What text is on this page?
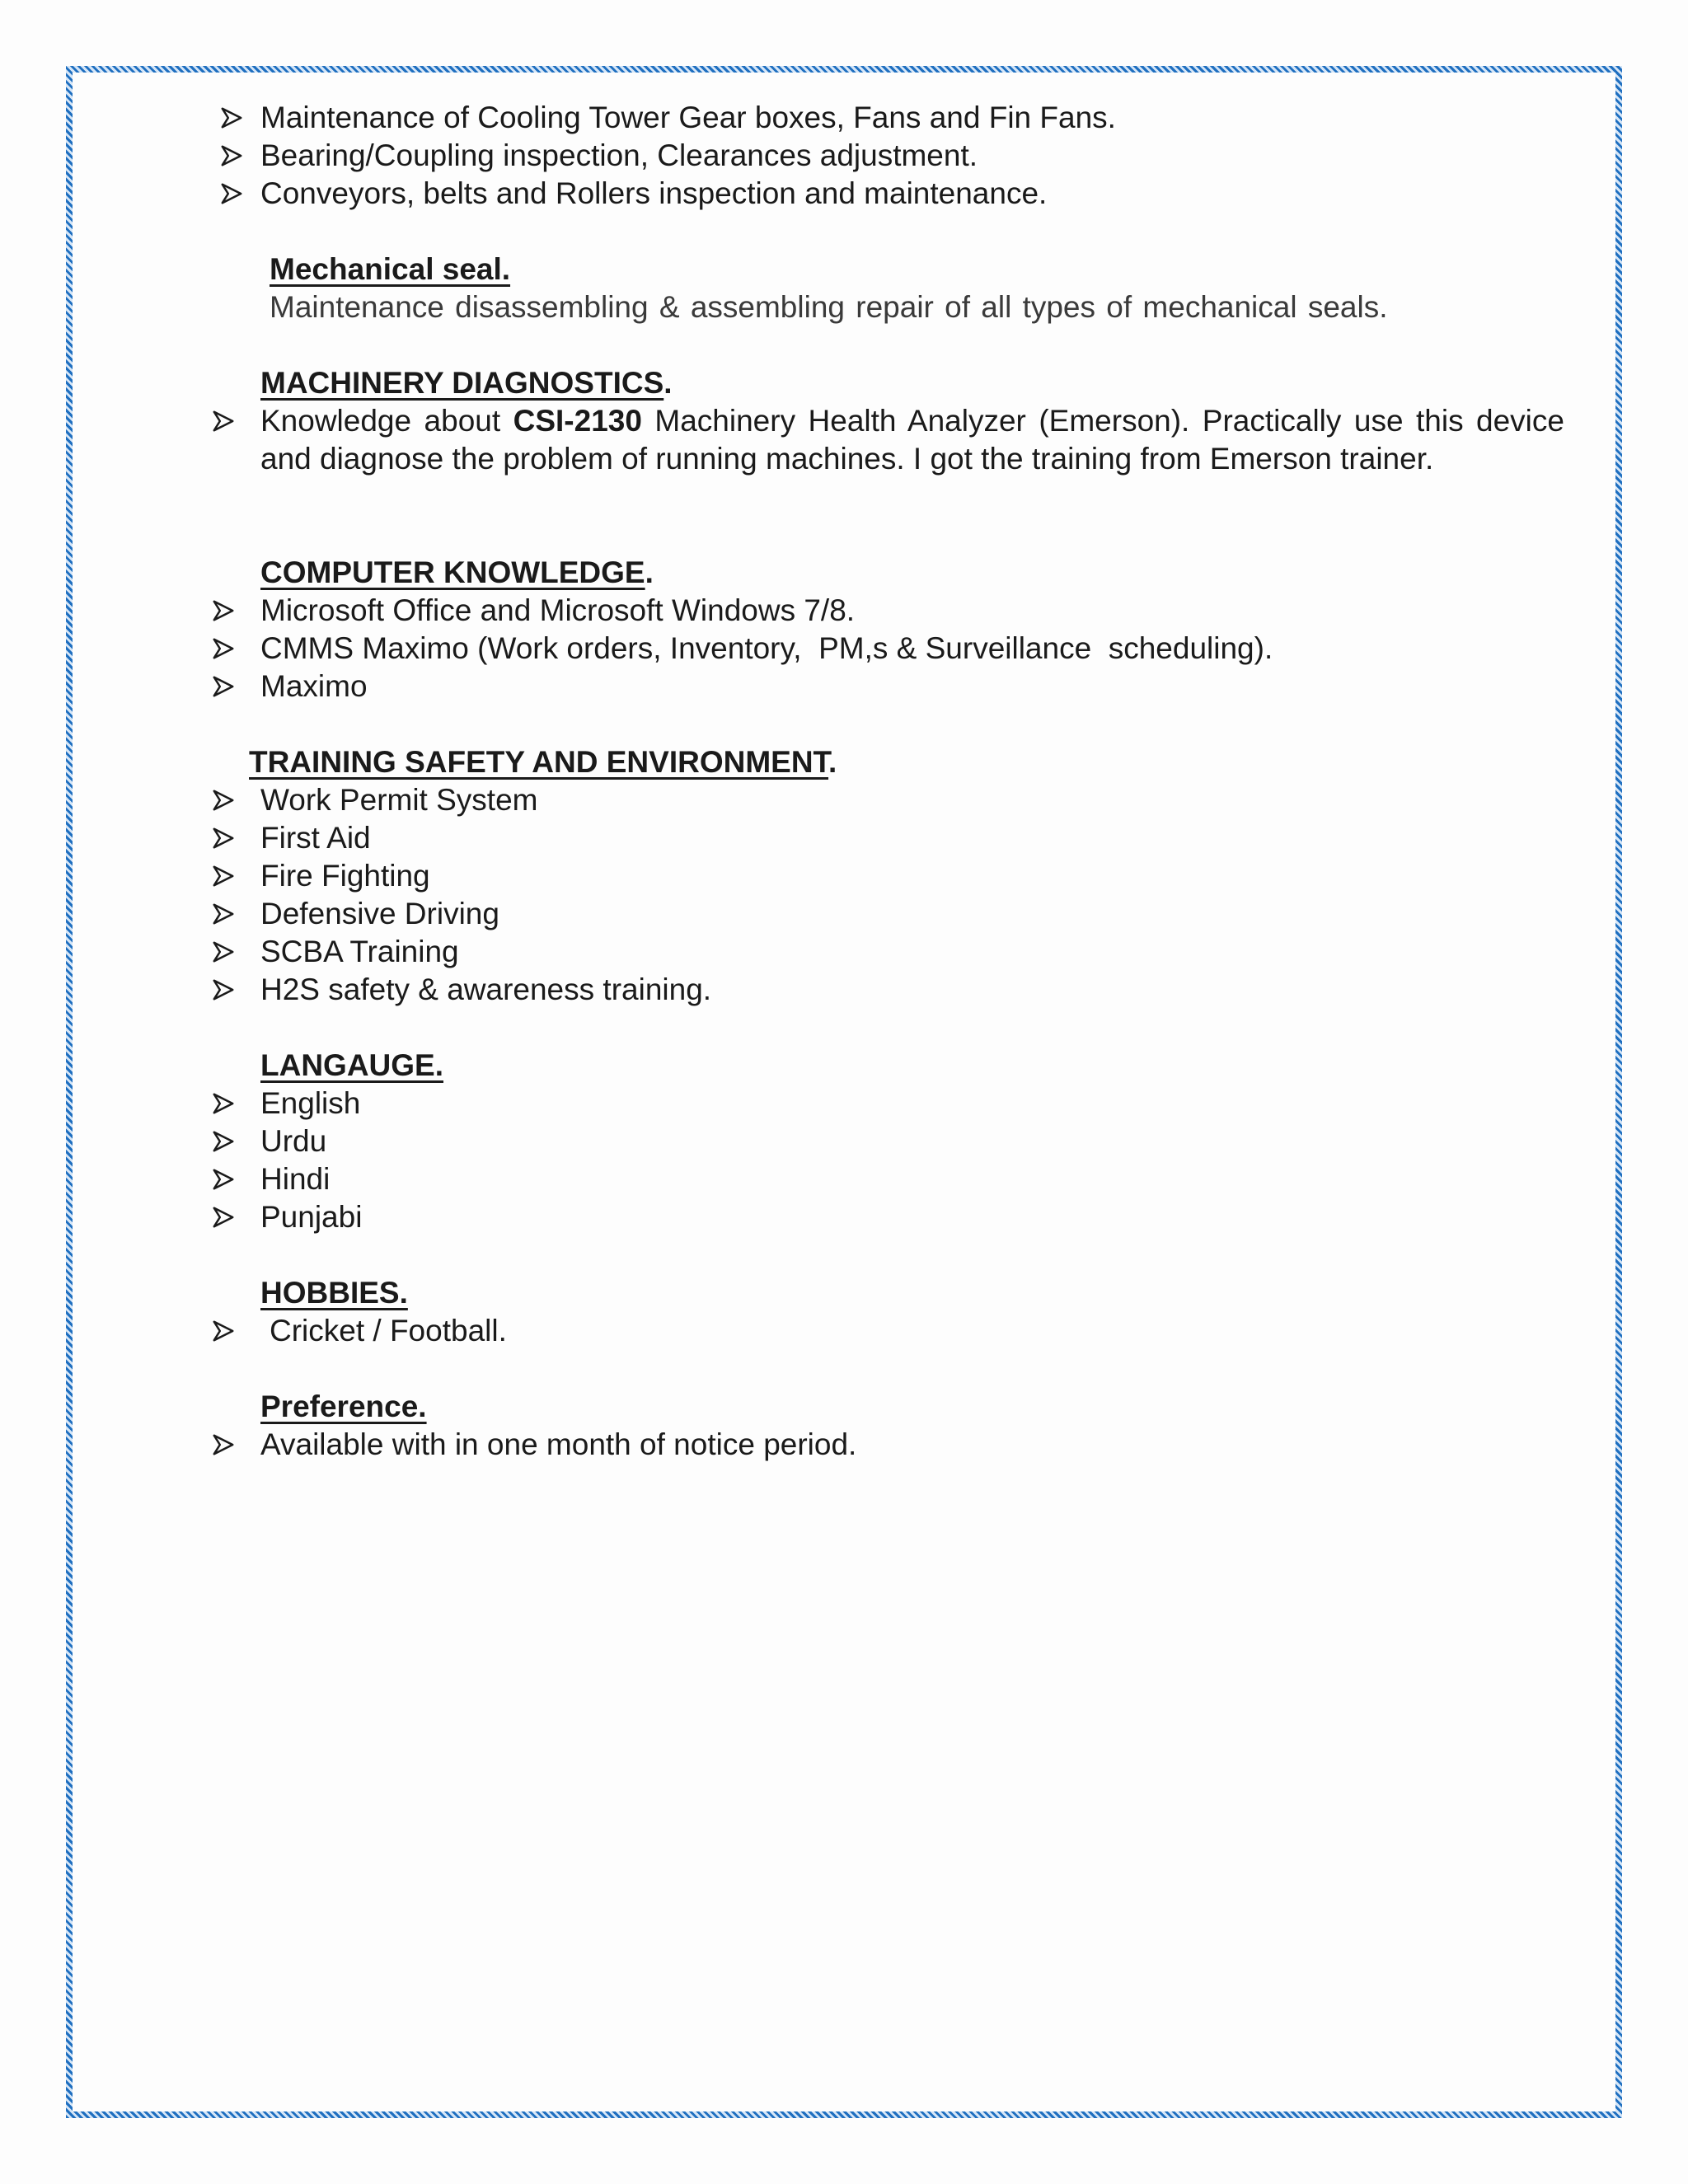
Maintenance of Cooling Tower Gear boxes, Fans and Fin Fans.
Bearing/Coupling inspection, Clearances adjustment.
Conveyors, belts and Rollers inspection and maintenance.
Mechanical seal.
Maintenance disassembling & assembling repair of all types of mechanical seals.
MACHINERY DIAGNOSTICS.
Knowledge about CSI-2130 Machinery Health Analyzer (Emerson). Practically use this device and diagnose the problem of running machines. I got the training from Emerson trainer.
COMPUTER KNOWLEDGE.
Microsoft Office and Microsoft Windows 7/8.
CMMS Maximo (Work orders, Inventory,  PM,s & Surveillance  scheduling).
Maximo
TRAINING SAFETY AND ENVIRONMENT.
Work Permit System
First Aid
Fire Fighting
Defensive Driving
SCBA Training
H2S safety & awareness training.
LANGAUGE.
English
Urdu
Hindi
Punjabi
HOBBIES.
Cricket / Football.
Preference.
Available with in one month of notice period.
